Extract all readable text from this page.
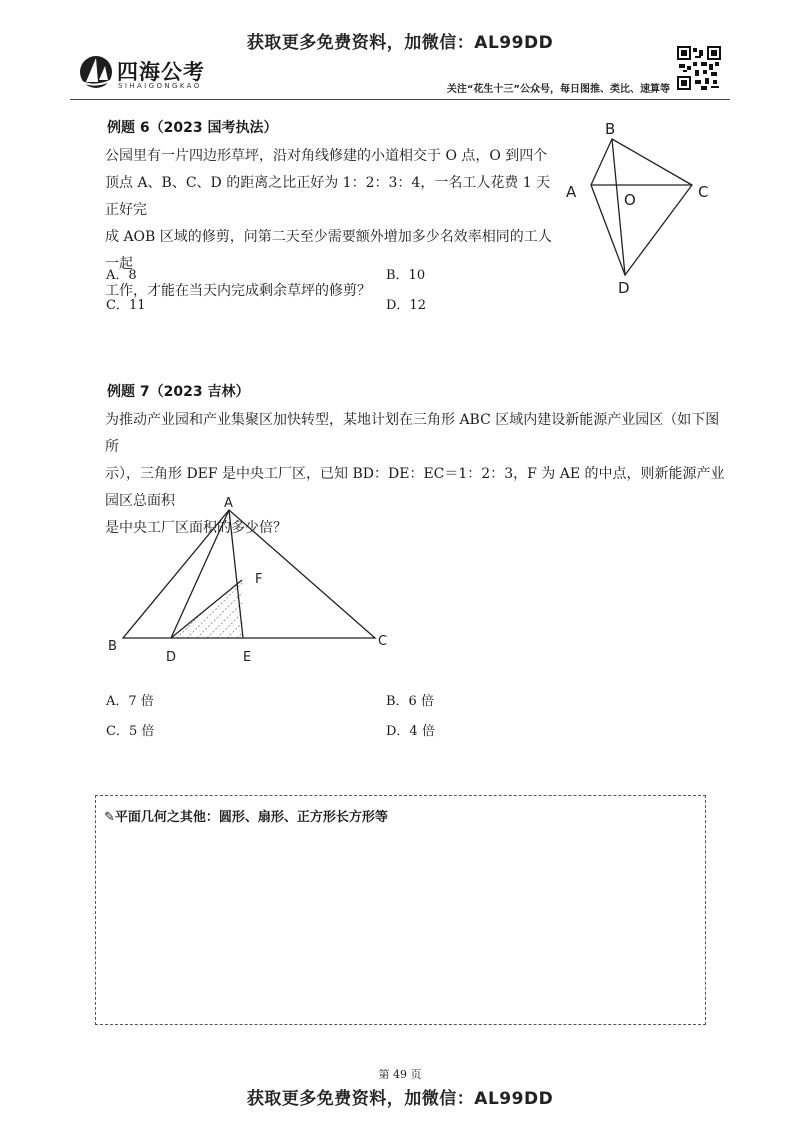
获取更多免费资料，加微信：AL99DD
四海公考
SIHAIGONGKAO	关注“花生十三”公众号，每日图推、类比、速算等
例题 6（2023 国考执法）
公园里有一片四边形草坪，沿对角线修建的小道相交于 O 点，O 到四个
顶点 A、B、C、D 的距离之比正好为 1：2：3：4，一名工人花费 1 天正好完
成 AOB 区域的修剪，问第二天至少需要额外增加多少名效率相同的工人一起
工作，才能在当天内完成剩余草坪的修剪？
A．8	B．10
C．11	D．12
B
A	C
O
D
例题 7（2023 吉林）
为推动产业园和产业集聚区加快转型，某地计划在三角形 ABC 区域内建设新能源产业园区（如下图所
示），三角形 DEF 是中央工厂区，已知 BD：DE：EC＝1：2：3，F 为 AE 的中点，则新能源产业园区总面积
是中央工厂区面积的多少倍？
A
B	C
D	E
F
A．7 倍	B．6 倍
C．5 倍	D．4 倍
✎平面几何之其他：圆形、扇形、正方形长方形等
第 49 页
获取更多免费资料，加微信：AL99DD
